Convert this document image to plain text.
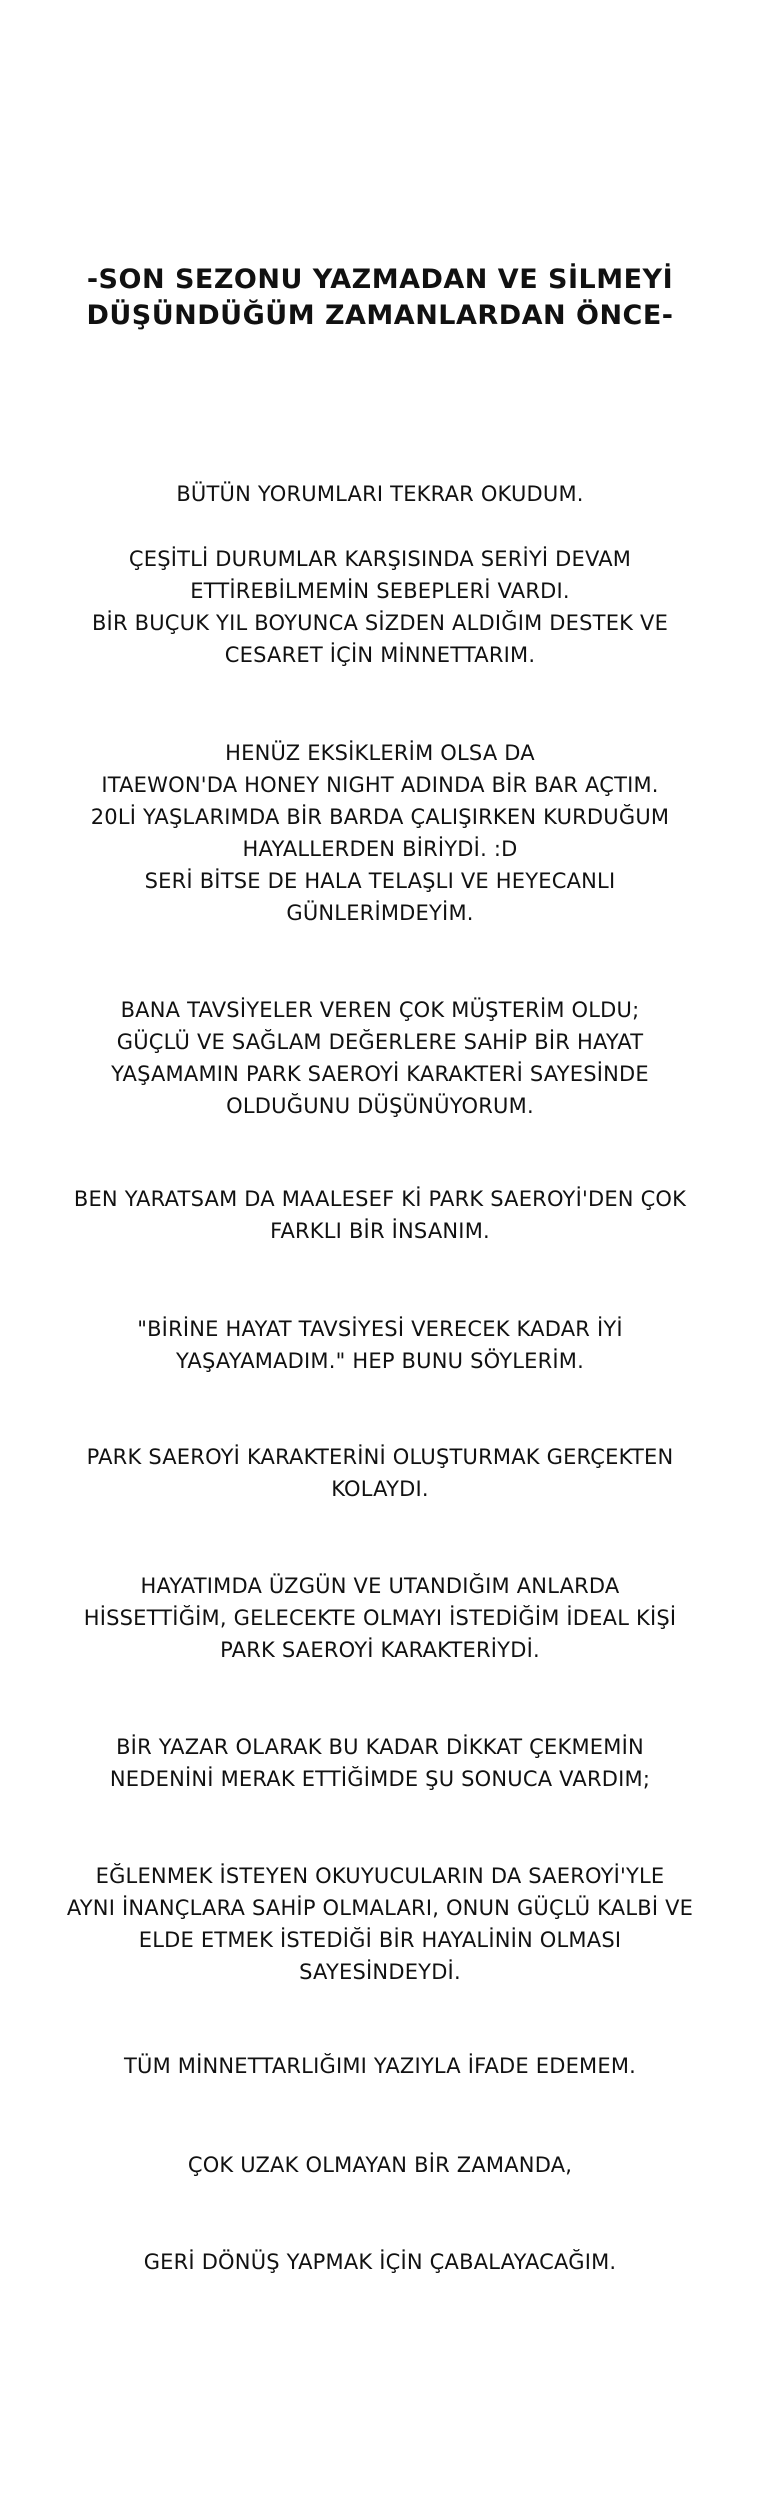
-SON SEZONU YAZMADAN VE SİLMEYİ
DÜŞÜNDÜĞÜM ZAMANLARDAN ÖNCE-
BÜTÜN YORUMLARI TEKRAR OKUDUM.
ÇEŞİTLİ DURUMLAR KARŞISINDA SERİYİ DEVAM
ETTİREBİLMEMİN SEBEPLERİ VARDI.
BİR BUÇUK YIL BOYUNCA SİZDEN ALDIĞIM DESTEK VE
CESARET İÇİN MİNNETTARIM.
HENÜZ EKSİKLERİM OLSA DA
ITAEWON'DA HONEY NIGHT ADINDA BİR BAR AÇTIM.
20Lİ YAŞLARIMDA BİR BARDA ÇALIŞIRKEN KURDUĞUM
HAYALLERDEN BİRİYDİ. :D
SERİ BİTSE DE HALA TELAŞLI VE HEYECANLI
GÜNLERİMDEYİM.
BANA TAVSİYELER VEREN ÇOK MÜŞTERİM OLDU;
GÜÇLÜ VE SAĞLAM DEĞERLERE SAHİP BİR HAYAT
YAŞAMAMIN PARK SAEROYİ KARAKTERİ SAYESİNDE
OLDUĞUNU DÜŞÜNÜYORUM.
BEN YARATSAM DA MAALESEF Kİ PARK SAEROYİ'DEN ÇOK
FARKLI BİR İNSANIM.
"BİRİNE HAYAT TAVSİYESİ VERECEK KADAR İYİ
YAŞAYAMADIM." HEP BUNU SÖYLERİM.
PARK SAEROYİ KARAKTERİNİ OLUŞTURMAK GERÇEKTEN
KOLAYDI.
HAYATIMDA ÜZGÜN VE UTANDIĞIM ANLARDA
HİSSETTİĞİM, GELECEKTE OLMAYI İSTEDİĞİM İDEAL KİŞİ
PARK SAEROYİ KARAKTERİYDİ.
BİR YAZAR OLARAK BU KADAR DİKKAT ÇEKMEMİN
NEDENİNİ MERAK ETTİĞİMDE ŞU SONUCA VARDIM;
EĞLENMEK İSTEYEN OKUYUCULARIN DA SAEROYİ'YLE
AYNI İNANÇLARA SAHİP OLMALARI, ONUN GÜÇLÜ KALBİ VE
ELDE ETMEK İSTEDİĞİ BİR HAYALİNİN OLMASI
SAYESİNDEYDİ.
TÜM MİNNETTARLIĞIMI YAZIYLA İFADE EDEMEM.
ÇOK UZAK OLMAYAN BİR ZAMANDA,
GERİ DÖNÜŞ YAPMAK İÇİN ÇABALAYACAĞIM.
